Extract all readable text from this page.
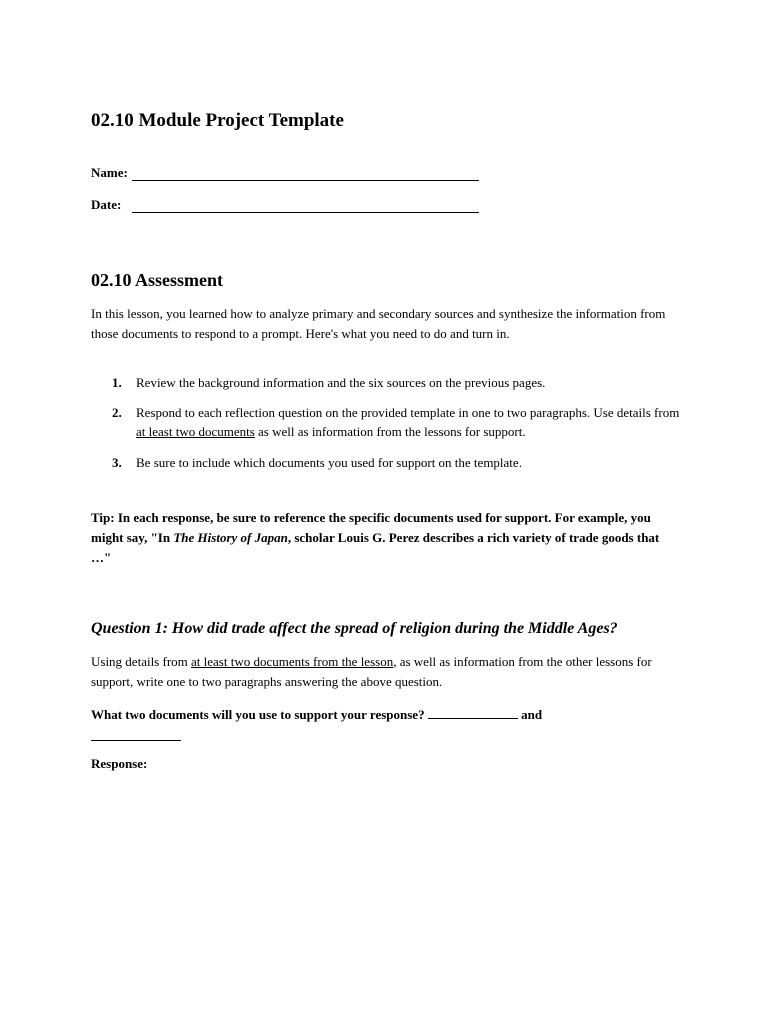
02.10 Module Project Template
Name:
Date:
02.10 Assessment

In this lesson, you learned how to analyze primary and secondary sources and synthesize the information from those documents to respond to a prompt. Here's what you need to do and turn in.

1. Review the background information and the six sources on the previous pages.
2. Respond to each reflection question on the provided template in one to two paragraphs. Use details from at least two documents as well as information from the lessons for support.
3. Be sure to include which documents you used for support on the template.

Tip: In each response, be sure to reference the specific documents used for support. For example, you might say, "In The History of Japan, scholar Louis G. Perez describes a rich variety of trade goods that …"

Question 1: How did trade affect the spread of religion during the Middle Ages?

Using details from at least two documents from the lesson, as well as information from the other lessons for support, write one to two paragraphs answering the above question.

What two documents will you use to support your response?	and

Response:
